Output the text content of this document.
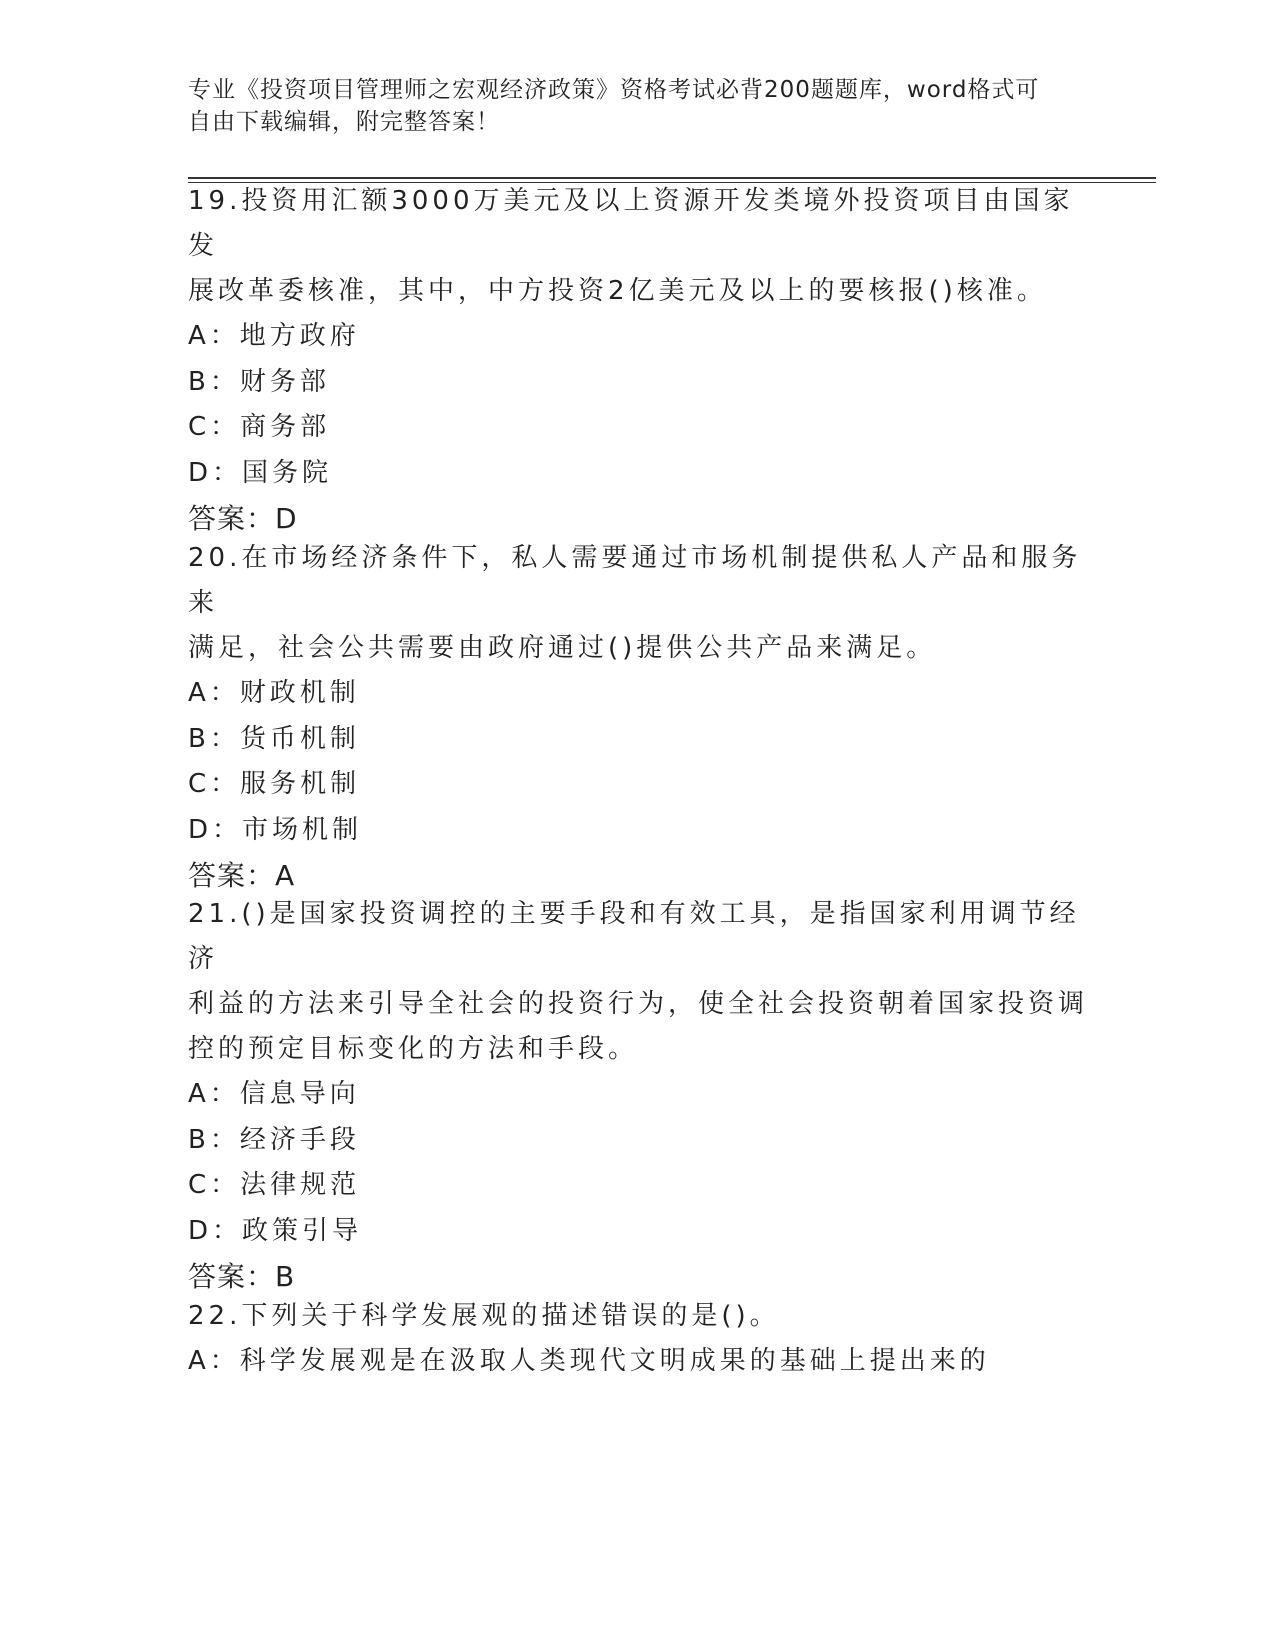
专业《投资项目管理师之宏观经济政策》资格考试必背200题题库，word格式可
自由下载编辑，附完整答案！

19.投资用汇额3000万美元及以上资源开发类境外投资项目由国家发

展改革委核准，其中，中方投资2亿美元及以上的要核报()核准。

A：地方政府

B：财务部

C：商务部

D：国务院

答案：D

20.在市场经济条件下，私人需要通过市场机制提供私人产品和服务来

满足，社会公共需要由政府通过()提供公共产品来满足。

A：财政机制

B：货币机制

C：服务机制

D：市场机制

答案：A

21.()是国家投资调控的主要手段和有效工具，是指国家利用调节经济

利益的方法来引导全社会的投资行为，使全社会投资朝着国家投资调

控的预定目标变化的方法和手段。

A：信息导向

B：经济手段

C：法律规范

D：政策引导

答案：B

22.下列关于科学发展观的描述错误的是()。

A：科学发展观是在汲取人类现代文明成果的基础上提出来的
